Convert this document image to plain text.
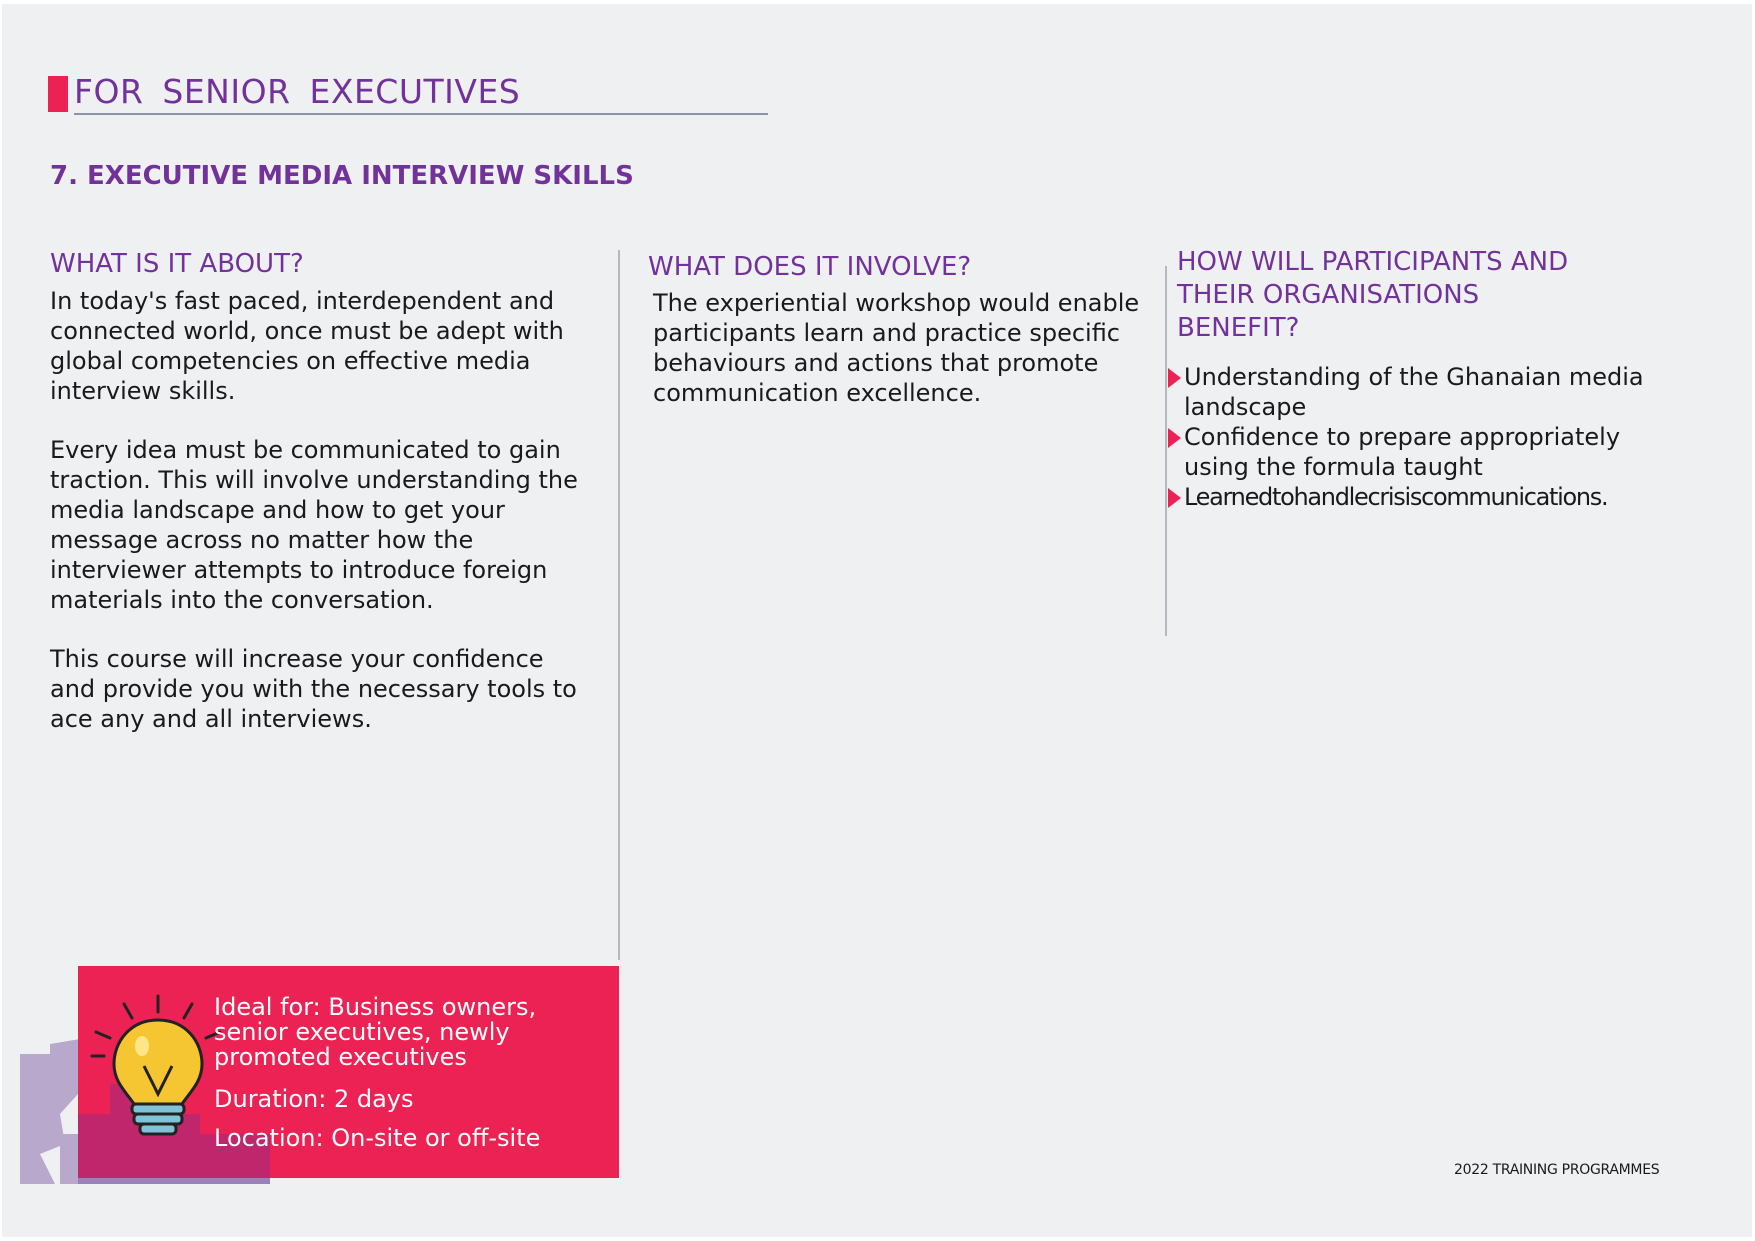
FOR SENIOR EXECUTIVES
7. EXECUTIVE MEDIA INTERVIEW SKILLS
WHAT IS IT ABOUT?

In today's fast paced, interdependent and connected world, once must be adept with global competencies on effective media interview skills.

Every idea must be communicated to gain traction. This will involve understanding the media landscape and how to get your message across no matter how the interviewer attempts to introduce foreign materials into the conversation.

This course will increase your confidence and provide you with the necessary tools to ace any and all interviews.

WHAT DOES IT INVOLVE?
The experiential workshop would enable participants learn and practice specific behaviours and actions that promote communication excellence.
HOW WILL PARTICIPANTS AND THEIR ORGANISATIONS BENEFIT?
Understanding of the Ghanaian media landscape
Confidence to prepare appropriately using the formula taught
Learnedtohandlecrisiscommunications.
Ideal for: Business owners, senior executives, newly promoted executives
Duration: 2 days
Location: On-site or off-site
2022 TRAINING PROGRAMMES
